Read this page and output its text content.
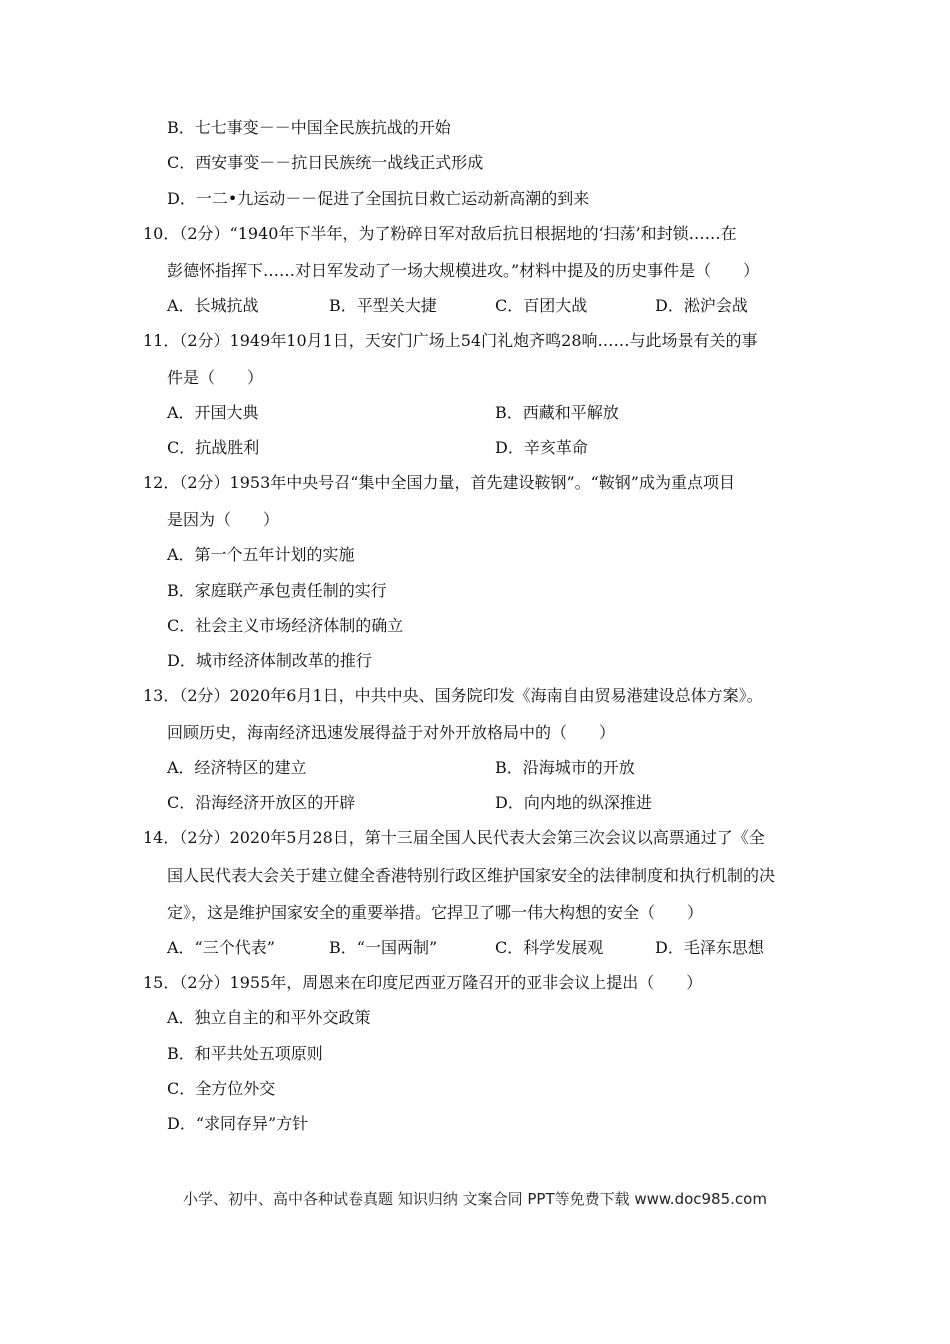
B．七七事变－－中国全民族抗战的开始
C．西安事变－－抗日民族统一战线正式形成
D．一二•九运动－－促进了全国抗日救亡运动新高潮的到来
10．（2分）“1940年下半年，为了粉碎日军对敌后抗日根据地的‘扫荡’和封锁……在
彭德怀指挥下……对日军发动了一场大规模进攻。”材料中提及的历史事件是（　　）
A．长城抗战	B．平型关大捷	C．百团大战	D．淞沪会战
11．（2分）1949年10月1日，天安门广场上54门礼炮齐鸣28响……与此场景有关的事
件是（　　）
A．开国大典	B．西藏和平解放
C．抗战胜利	D．辛亥革命
12．（2分）1953年中央号召“集中全国力量，首先建设鞍钢”。“鞍钢”成为重点项目
是因为（　　）
A．第一个五年计划的实施
B．家庭联产承包责任制的实行
C．社会主义市场经济体制的确立
D．城市经济体制改革的推行
13．（2分）2020年6月1日，中共中央、国务院印发《海南自由贸易港建设总体方案》。
回顾历史，海南经济迅速发展得益于对外开放格局中的（　　）
A．经济特区的建立	B．沿海城市的开放
C．沿海经济开放区的开辟	D．向内地的纵深推进
14．（2分）2020年5月28日，第十三届全国人民代表大会第三次会议以高票通过了《全
国人民代表大会关于建立健全香港特别行政区维护国家安全的法律制度和执行机制的决
定》，这是维护国家安全的重要举措。它捍卫了哪一伟大构想的安全（　　）
A．“三个代表”	B．“一国两制”	C．科学发展观	D．毛泽东思想
15．（2分）1955年，周恩来在印度尼西亚万隆召开的亚非会议上提出（　　）
A．独立自主的和平外交政策
B．和平共处五项原则
C．全方位外交
D．“求同存异”方针
小学、初中、高中各种试卷真题 知识归纳 文案合同 PPT等免费下载 www.doc985.com
